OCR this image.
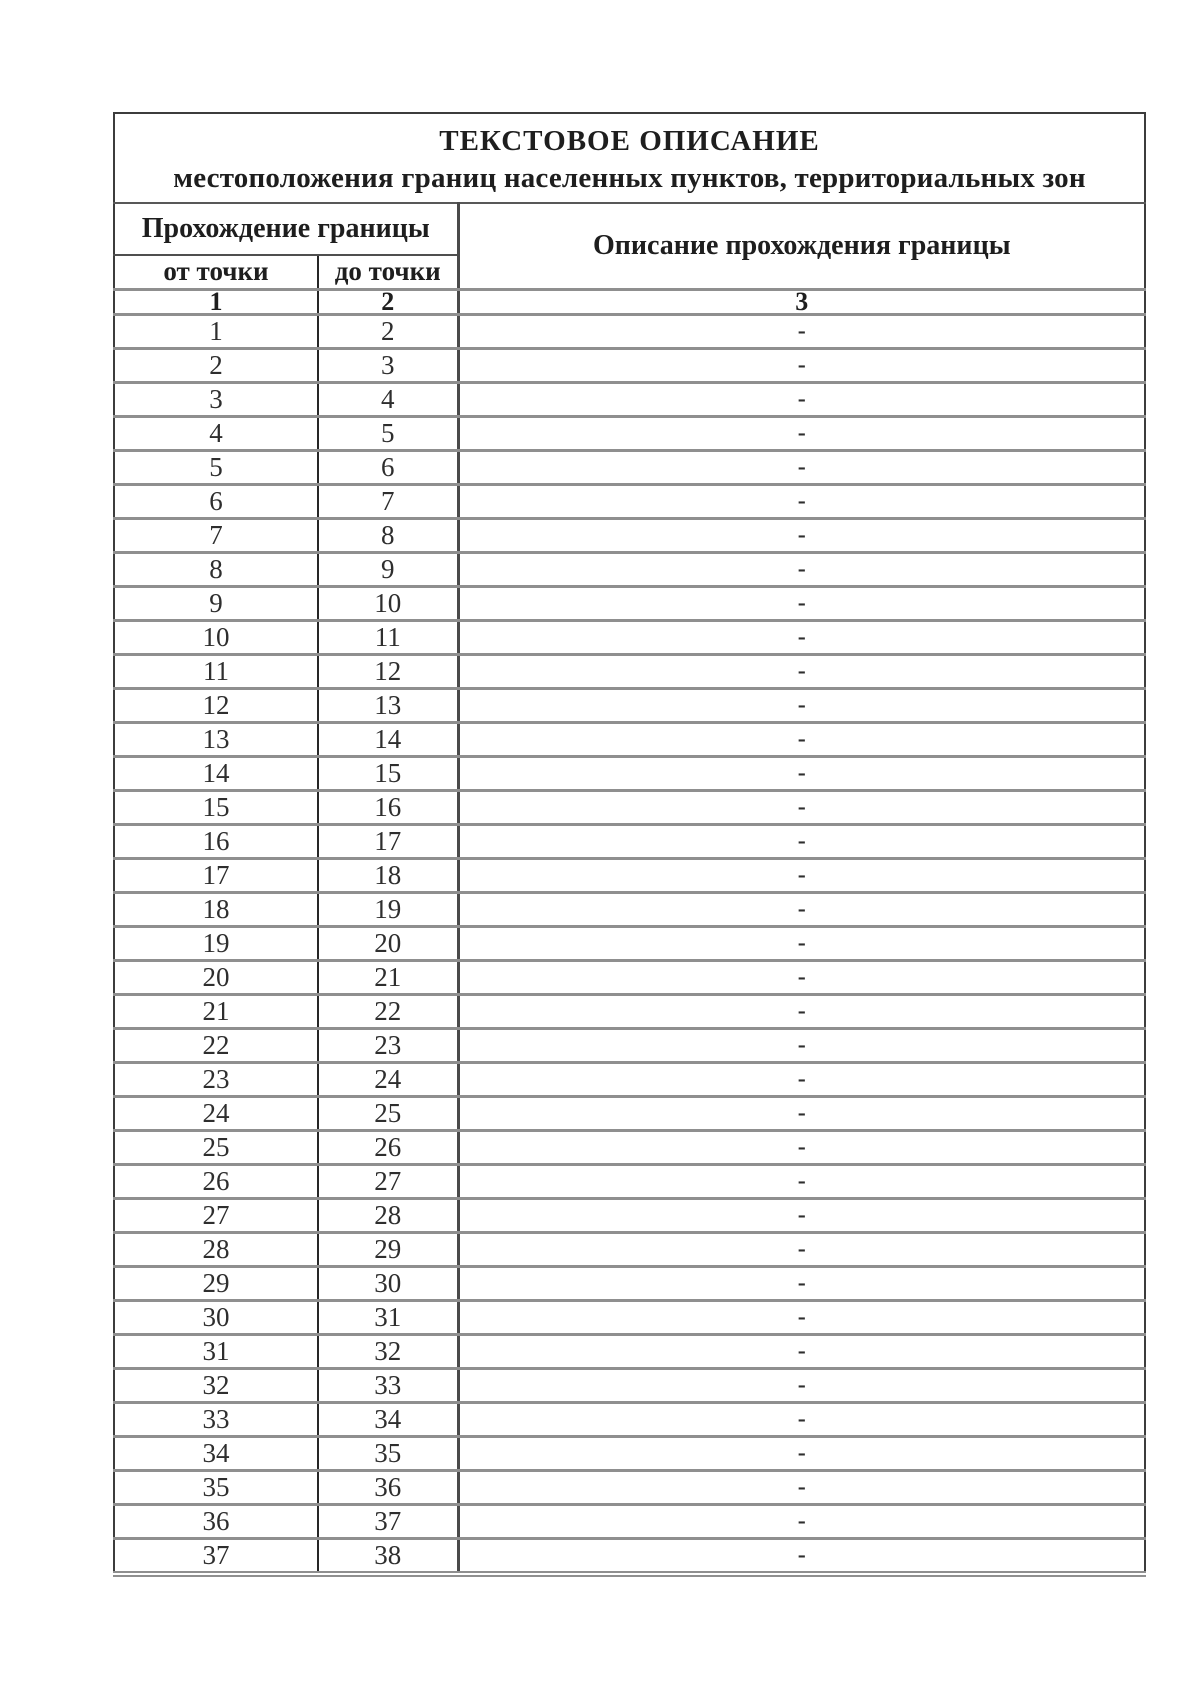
ТЕКСТОВОЕ ОПИСАНИЕ
местоположения границ населенных пунктов, территориальных зон		

Прохождение границы		Описание прохождения границы
от точки	до точки	
1	2	3
1	2	-
2	3	-
3	4	-
4	5	-
5	6	-
6	7	-
7	8	-
8	9	-
9	10	-
10	11	-
11	12	-
12	13	-
13	14	-
14	15	-
15	16	-
16	17	-
17	18	-
18	19	-
19	20	-
20	21	-
21	22	-
22	23	-
23	24	-
24	25	-
25	26	-
26	27	-
27	28	-
28	29	-
29	30	-
30	31	-
31	32	-
32	33	-
33	34	-
34	35	-
35	36	-
36	37	-
37	38	-
